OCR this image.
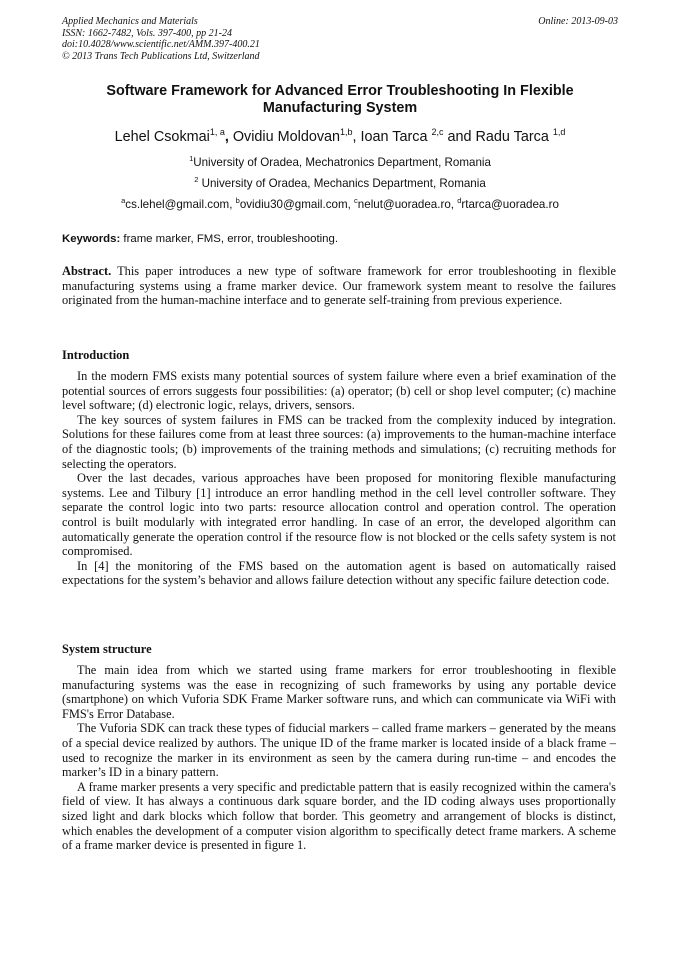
Applied Mechanics and Materials
ISSN: 1662-7482, Vols. 397-400, pp 21-24
doi:10.4028/www.scientific.net/AMM.397-400.21
© 2013 Trans Tech Publications Ltd, Switzerland
Online: 2013-09-03
Software Framework for Advanced Error Troubleshooting In Flexible
Manufacturing System
Lehel Csokmai$^{1, a}$, Ovidiu Moldovan$^{1,b}$, Ioan Tarca $^{2,c}$ and Radu Tarca $^{1,d}$
$^1$University of Oradea, Mechatronics Department, Romania
$^2$ University of Oradea, Mechanics Department, Romania
$^a$cs.lehel@gmail.com, $^b$ovidiu30@gmail.com, $^c$nelut@uoradea.ro, $^d$rtarca@uoradea.ro
Keywords: frame marker, FMS, error, troubleshooting.
Abstract. This paper introduces a new type of software framework for error troubleshooting in flexible manufacturing systems using a frame marker device. Our framework system meant to resolve the failures originated from the human-machine interface and to generate self-training from previous experience.
Introduction

In the modern FMS exists many potential sources of system failure where even a brief examination of the potential sources of errors suggests four possibilities: (a) operator; (b) cell or shop level computer; (c) machine level software; (d) electronic logic, relays, drivers, sensors.

The key sources of system failures in FMS can be tracked from the complexity induced by integration. Solutions for these failures come from at least three sources: (a) improvements to the human-machine interface of the diagnostic tools; (b) improvements of the training methods and simulations; (c) recruiting methods for selecting the operators.

Over the last decades, various approaches have been proposed for monitoring flexible manufacturing systems. Lee and Tilbury [1] introduce an error handling method in the cell level controller software. They separate the control logic into two parts: resource allocation control and operation control. The operation control is built modularly with integrated error handling. In case of an error, the developed algorithm can automatically generate the operation control if the resource flow is not blocked or the cells safety system is not compromised.

In [4] the monitoring of the FMS based on the automation agent is based on automatically raised expectations for the system’s behavior and allows failure detection without any specific failure detection code.

System structure

The main idea from which we started using frame markers for error troubleshooting in flexible manufacturing systems was the ease in recognizing of such frameworks by using any portable device (smartphone) on which Vuforia SDK Frame Marker software runs, and which can communicate via WiFi with FMS's Error Database.

The Vuforia SDK can track these types of fiducial markers – called frame markers – generated by the means of a special device realized by authors. The unique ID of the frame marker is located inside of a black frame – used to recognize the marker in its environment as seen by the camera during run-time – and encodes the marker’s ID in a binary pattern.

A frame marker presents a very specific and predictable pattern that is easily recognized within the camera's field of view. It has always a continuous dark square border, and the ID coding always uses proportionally sized light and dark blocks which follow that border. This geometry and arrangement of blocks is distinct, which enables the development of a computer vision algorithm to specifically detect frame markers. A scheme of a frame marker device is presented in figure 1.
